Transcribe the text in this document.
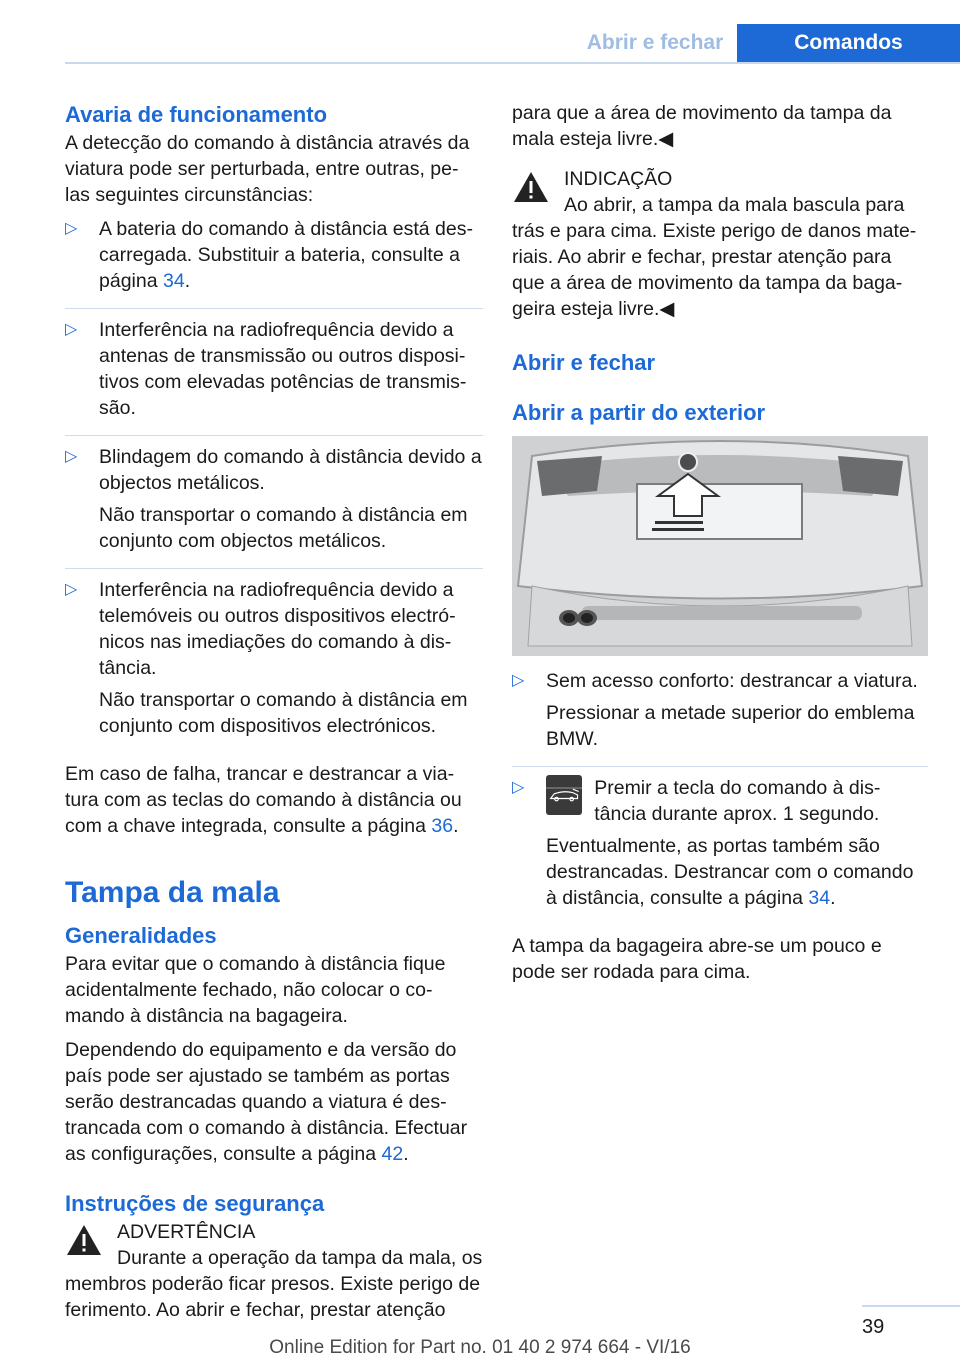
Abrir e fechar	Comandos
Avaria de funcionamento

A detecção do comando à distância através da viatura pode ser perturbada, entre outras, pe-las seguintes circunstâncias:

▷ A bateria do comando à distância está des-carregada. Substituir a bateria, consulte a página 34.

▷ Interferência na radiofrequência devido a antenas de transmissão ou outros disposi-tivos com elevadas potências de transmis-são.

▷ Blindagem do comando à distância devido a objectos metálicos.

Não transportar o comando à distância em conjunto com objectos metálicos.

▷ Interferência na radiofrequência devido a telemóveis ou outros dispositivos electró-nicos nas imediações do comando à dis-tância.

Não transportar o comando à distância em conjunto com dispositivos electrónicos.

Em caso de falha, trancar e destrancar a via-tura com as teclas do comando à distância ou com a chave integrada, consulte a página 36.

Tampa da mala
Generalidades

Para evitar que o comando à distância fique acidentalmente fechado, não colocar o co-mando à distância na bagageira.

Dependendo do equipamento e da versão do país pode ser ajustado se também as portas serão destrancadas quando a viatura é des-trancada com o comando à distância. Efectuar as configurações, consulte a página 42.

Instruções de segurança

ADVERTÊNCIA

Durante a operação da tampa da mala, os membros poderão ficar presos. Existe perigo de ferimento. Ao abrir e fechar, prestar atenção

para que a área de movimento da tampa da mala esteja livre.◀

INDICAÇÃO

Ao abrir, a tampa da mala bascula para trás e para cima. Existe perigo de danos mate-riais. Ao abrir e fechar, prestar atenção para que a área de movimento da tampa da baga-geira esteja livre.◀

Abrir e fechar
Abrir a partir do exterior
▷ Sem acesso conforto: destrancar a viatura.

Pressionar a metade superior do emblema BMW.

▷	Premir a tecla do comando à dis-tância durante aprox. 1 segundo.

Eventualmente, as portas também são destrancadas. Destrancar com o comando à distância, consulte a página 34.

A tampa da bagageira abre-se um pouco e pode ser rodada para cima.

39
Online Edition for Part no. 01 40 2 974 664 - VI/16
